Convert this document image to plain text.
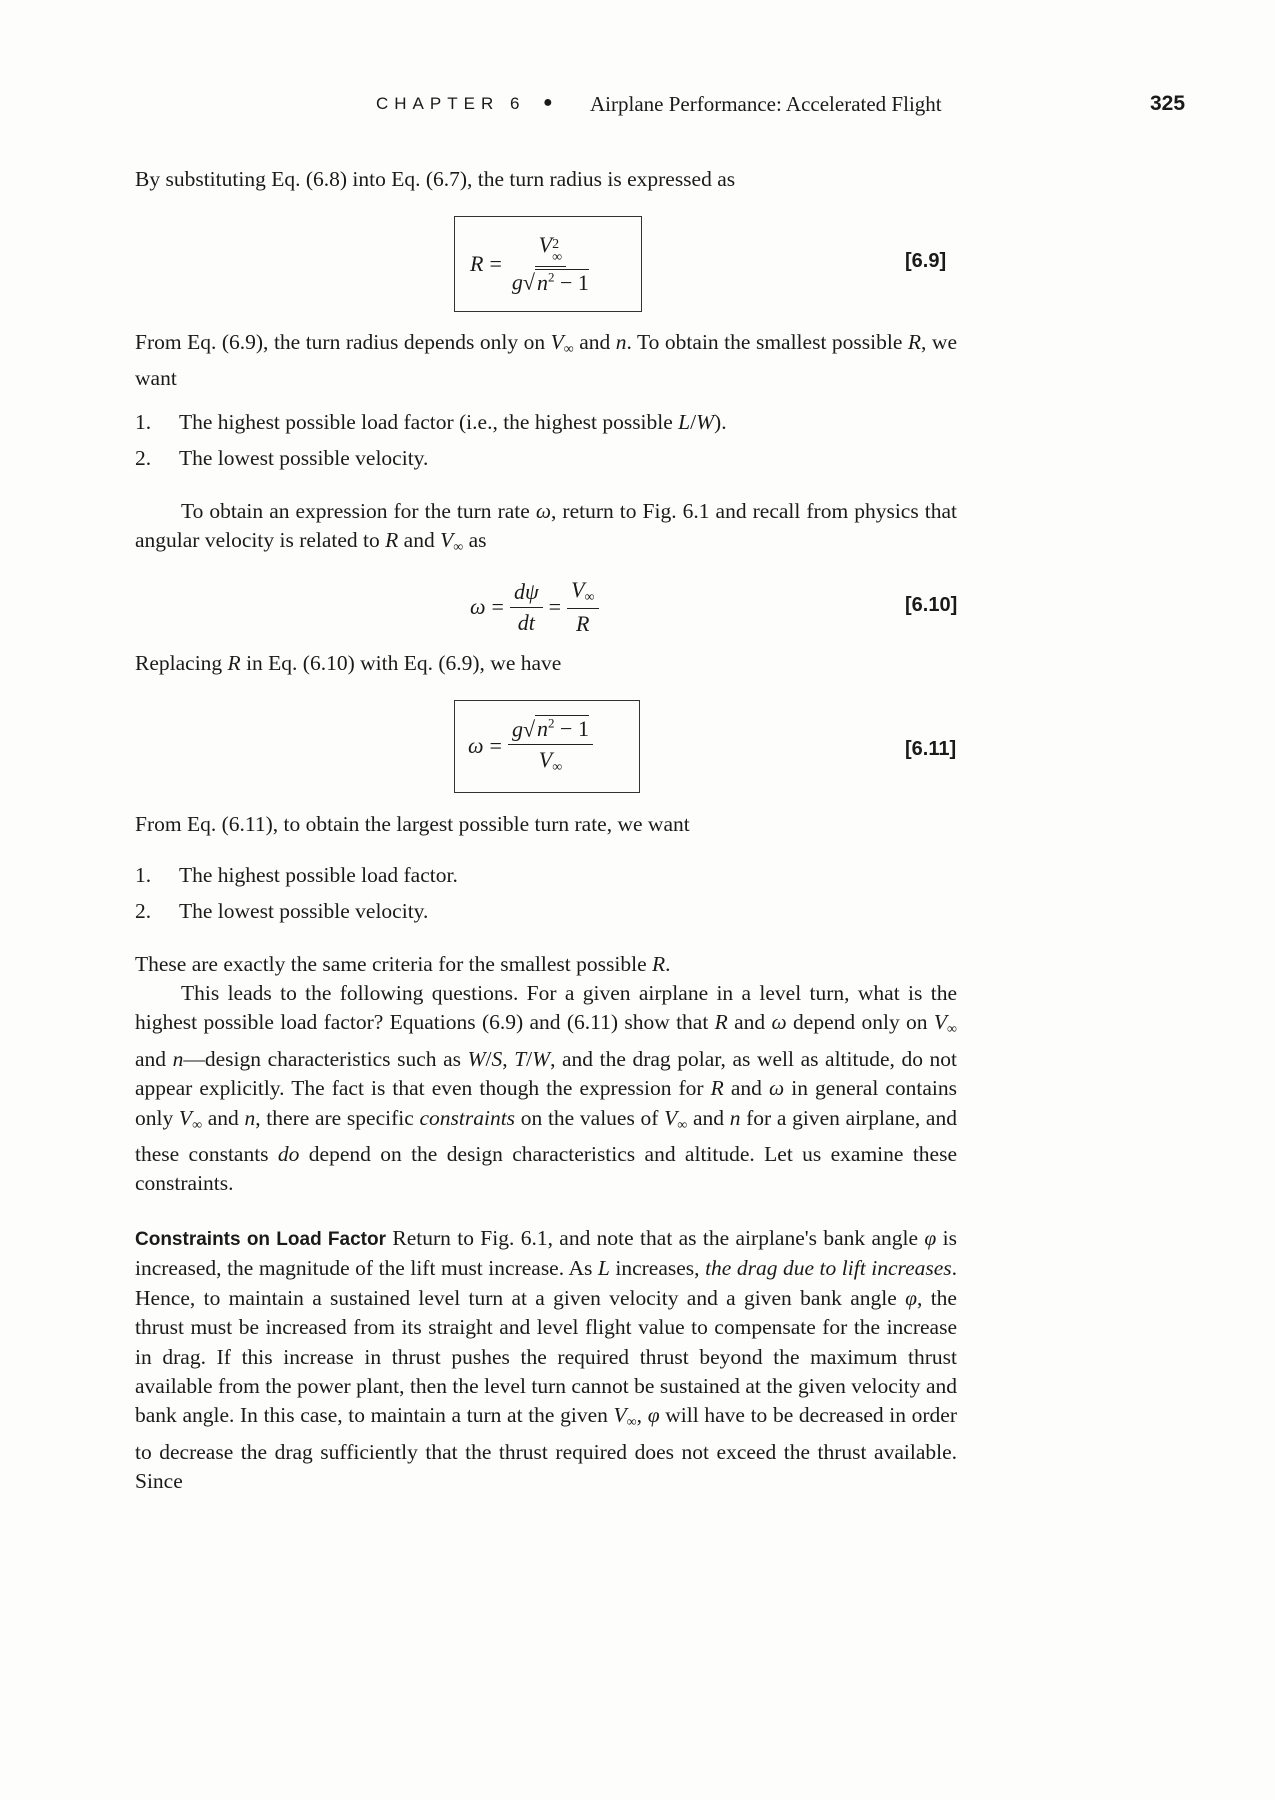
CHAPTER 6 ● Airplane Performance: Accelerated Flight	325
By substituting Eq. (6.8) into Eq. (6.7), the turn radius is expressed as
R = V 2
∞
$g√n^2 - 1$	[6.9]
From Eq. (6.9), the turn radius depends only on $V_\infty$ and n. To obtain the smallest possible R, we want
1. The highest possible load factor (i.e., the highest possible L/W).
2. The lowest possible velocity.
To obtain an expression for the turn rate ω, return to Fig. 6.1 and recall from physics that angular velocity is related to R and $V_\infty$ as
$\omega = \frac{d\psi}{dt} = \frac{V_\infty}{R}$	[6.10]
Replacing R in Eq. (6.10) with Eq. (6.9), we have
$\omega = \frac{g√n^2 - 1}{V_\infty}$	[6.11]
From Eq. (6.11), to obtain the largest possible turn rate, we want
1. The highest possible load factor.
2. The lowest possible velocity.
These are exactly the same criteria for the smallest possible R.
This leads to the following questions. For a given airplane in a level turn, what is the highest possible load factor? Equations (6.9) and (6.11) show that R and ω depend only on $V_\infty$ and n—design characteristics such as W/S, T/W, and the drag polar, as well as altitude, do not appear explicitly. The fact is that even though the expression for R and ω in general contains only $V_\infty$ and n, there are specific constraints on the values of $V_\infty$ and n for a given airplane, and these constants do depend on the design characteristics and altitude. Let us examine these constraints.
Constraints on Load Factor Return to Fig. 6.1, and note that as the airplane's bank angle φ is increased, the magnitude of the lift must increase. As L increases, the drag due to lift increases. Hence, to maintain a sustained level turn at a given velocity and a given bank angle φ, the thrust must be increased from its straight and level flight value to compensate for the increase in drag. If this increase in thrust pushes the required thrust beyond the maximum thrust available from the power plant, then the level turn cannot be sustained at the given velocity and bank angle. In this case, to maintain a turn at the given $V_\infty$, φ will have to be decreased in order to decrease the drag sufficiently that the thrust required does not exceed the thrust available. Since
